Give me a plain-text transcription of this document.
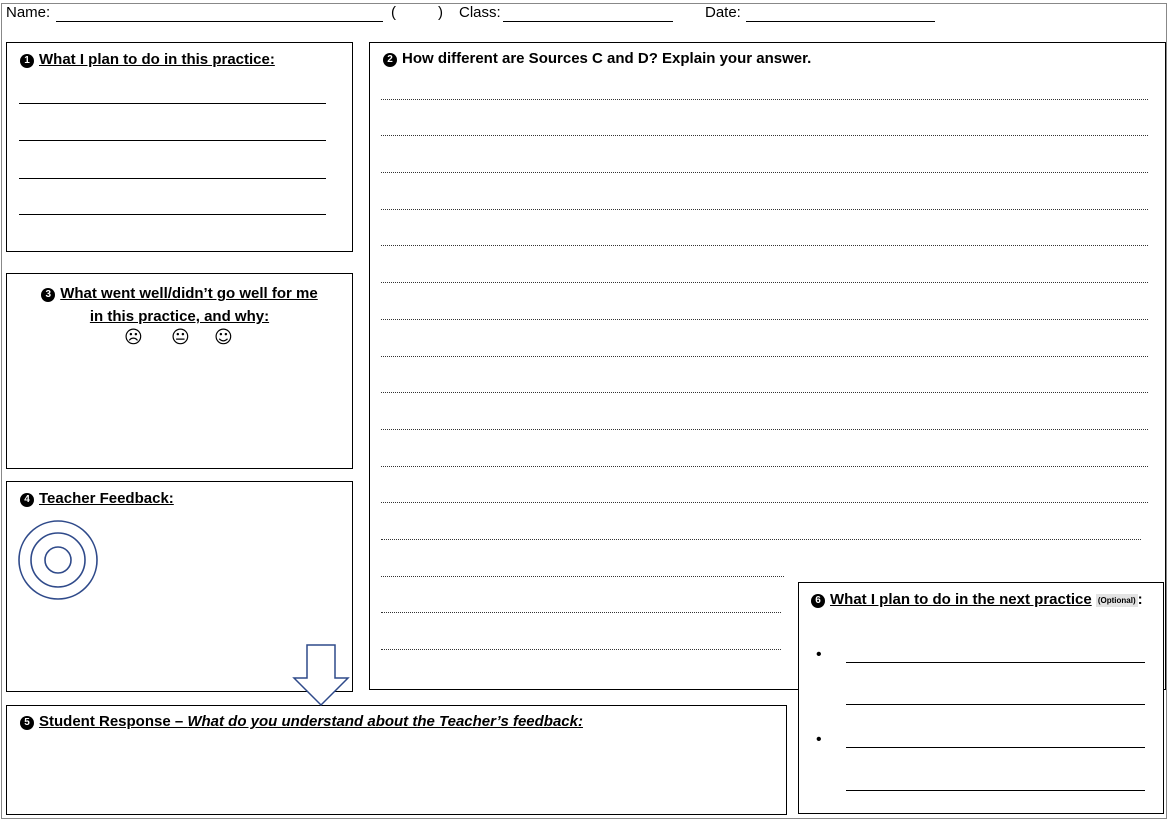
Name:	(	) Class:	Date:
1 What I plan to do in this practice:
3 What went well/didn’t go well for me
in this practice, and why:
☹ 😐 ☺
4 Teacher Feedback:
2 How different are Sources C and D? Explain your answer.
5 Student Response – What do you understand about the Teacher’s feedback:
6 What I plan to do in the next practice (Optional) :
•
•
